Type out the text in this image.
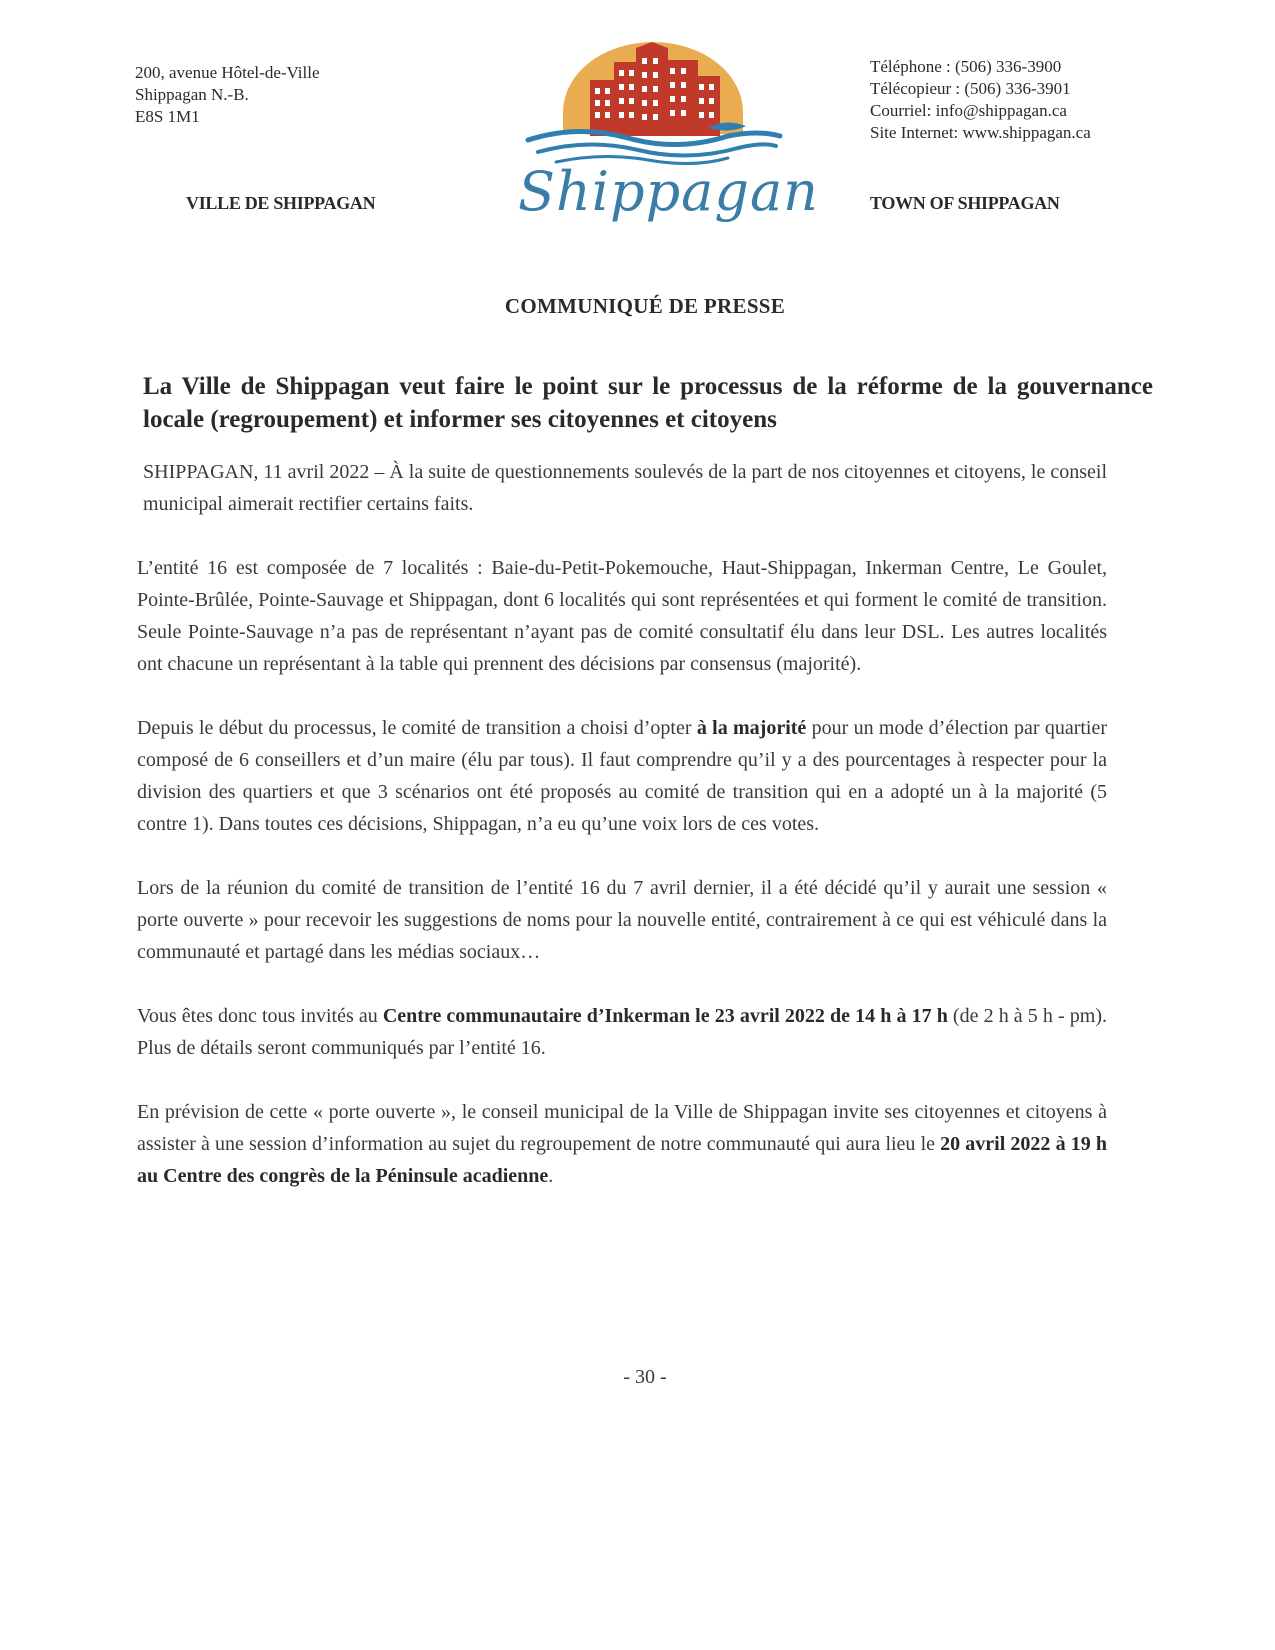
200, avenue Hôtel-de-Ville
Shippagan N.-B.
E8S 1M1
Téléphone : (506) 336-3900
Télécopieur : (506) 336-3901
Courriel: info@shippagan.ca
Site Internet: www.shippagan.ca
Shippagan
VILLE DE SHIPPAGAN	TOWN OF SHIPPAGAN
COMMUNIQUÉ DE PRESSE
La Ville de Shippagan veut faire le point sur le processus de la réforme de la gouvernance locale (regroupement) et informer ses citoyennes et citoyens

SHIPPAGAN, 11 avril 2022 – À la suite de questionnements soulevés de la part de nos citoyennes et citoyens, le conseil municipal aimerait rectifier certains faits.

L’entité 16 est composée de 7 localités : Baie-du-Petit-Pokemouche, Haut-Shippagan, Inkerman Centre, Le Goulet, Pointe-Brûlée, Pointe-Sauvage et Shippagan, dont 6 localités qui sont représentées et qui forment le comité de transition. Seule Pointe-Sauvage n’a pas de représentant n’ayant pas de comité consultatif élu dans leur DSL. Les autres localités ont chacune un représentant à la table qui prennent des décisions par consensus (majorité).

Depuis le début du processus, le comité de transition a choisi d’opter à la majorité pour un mode d’élection par quartier composé de 6 conseillers et d’un maire (élu par tous). Il faut comprendre qu’il y a des pourcentages à respecter pour la division des quartiers et que 3 scénarios ont été proposés au comité de transition qui en a adopté un à la majorité (5 contre 1). Dans toutes ces décisions, Shippagan, n’a eu qu’une voix lors de ces votes.

Lors de la réunion du comité de transition de l’entité 16 du 7 avril dernier, il a été décidé qu’il y aurait une session « porte ouverte » pour recevoir les suggestions de noms pour la nouvelle entité, contrairement à ce qui est véhiculé dans la communauté et partagé dans les médias sociaux…

Vous êtes donc tous invités au Centre communautaire d’Inkerman le 23 avril 2022 de 14 h à 17 h (de 2 h à 5 h - pm). Plus de détails seront communiqués par l’entité 16.

En prévision de cette « porte ouverte », le conseil municipal de la Ville de Shippagan invite ses citoyennes et citoyens à assister à une session d’information au sujet du regroupement de notre communauté qui aura lieu le 20 avril 2022 à 19 h au Centre des congrès de la Péninsule acadienne.

- 30 -
